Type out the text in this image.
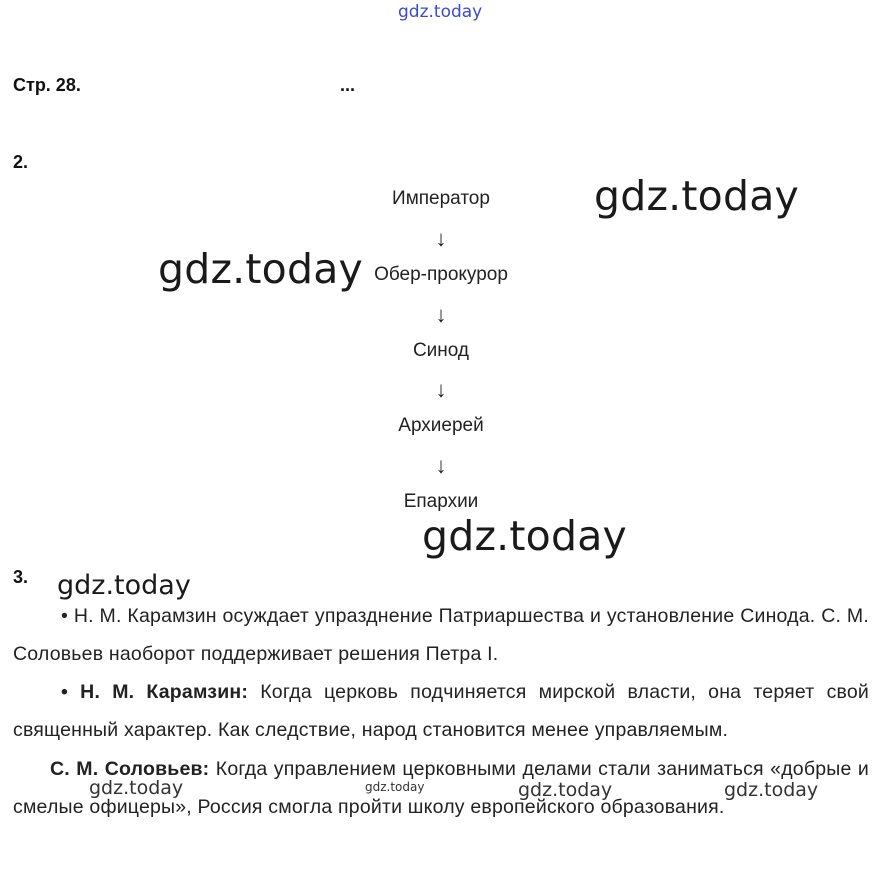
gdz.today
gdz.today
gdz.today
gdz.today
gdz.today
gdz.today	gdz.today	gdz.today	gdz.today
Стр. 28.	...
2.
Император
↓
Обер-прокурор
↓
Синод
↓
Архиерей
↓
Епархии
3.
• Н. М. Карамзин осуждает упразднение Патриаршества и установление Синода. С. М. Соловьев наоборот поддерживает решения Петра I.
• Н. М. Карамзин: Когда церковь подчиняется мирской власти, она теряет свой священный характер. Как следствие, народ становится менее управляемым.
С. М. Соловьев: Когда управлением церковными делами стали заниматься «добрые и смелые офицеры», Россия смогла пройти школу европейского образования.
